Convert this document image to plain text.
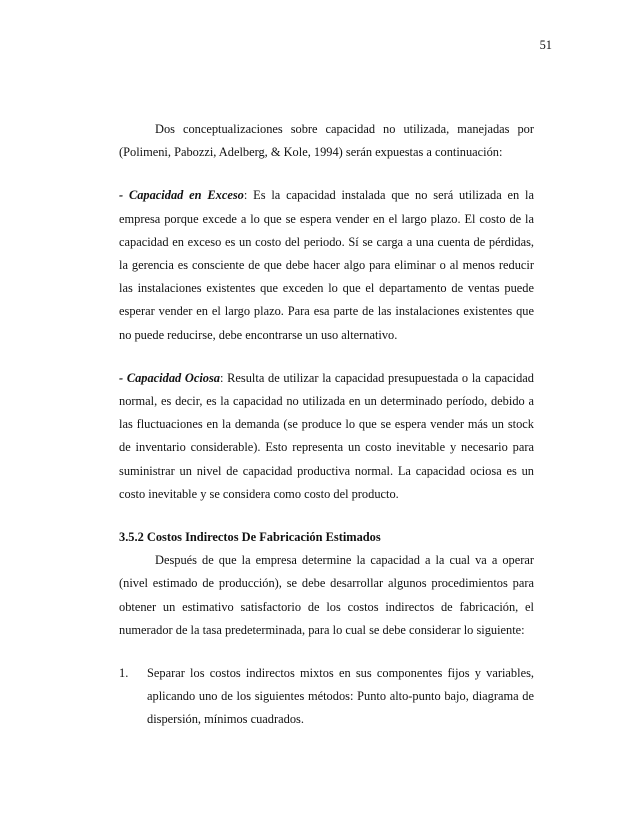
51

Dos conceptualizaciones sobre capacidad no utilizada, manejadas por (Polimeni, Pabozzi, Adelberg, & Kole, 1994) serán expuestas a continuación:

- Capacidad en Exceso: Es la capacidad instalada que no será utilizada en la empresa porque excede a lo que se espera vender en el largo plazo. El costo de la capacidad en exceso es un costo del periodo. Sí se carga a una cuenta de pérdidas, la gerencia es consciente de que debe hacer algo para eliminar o al menos reducir las instalaciones existentes que exceden lo que el departamento de ventas puede esperar vender en el largo plazo. Para esa parte de las instalaciones existentes que no puede reducirse, debe encontrarse un uso alternativo.

- Capacidad Ociosa: Resulta de utilizar la capacidad presupuestada o la capacidad normal, es decir, es la capacidad no utilizada en un determinado período, debido a las fluctuaciones en la demanda (se produce lo que se espera vender más un stock de inventario considerable). Esto representa un costo inevitable y necesario para suministrar un nivel de capacidad productiva normal. La capacidad ociosa es un costo inevitable y se considera como costo del producto.

3.5.2 Costos Indirectos De Fabricación Estimados

Después de que la empresa determine la capacidad a la cual va a operar (nivel estimado de producción), se debe desarrollar algunos procedimientos para obtener un estimativo satisfactorio de los costos indirectos de fabricación, el numerador de la tasa predeterminada, para lo cual se debe considerar lo siguiente:

1. Separar los costos indirectos mixtos en sus componentes fijos y variables, aplicando uno de los siguientes métodos: Punto alto-punto bajo, diagrama de dispersión, mínimos cuadrados.
